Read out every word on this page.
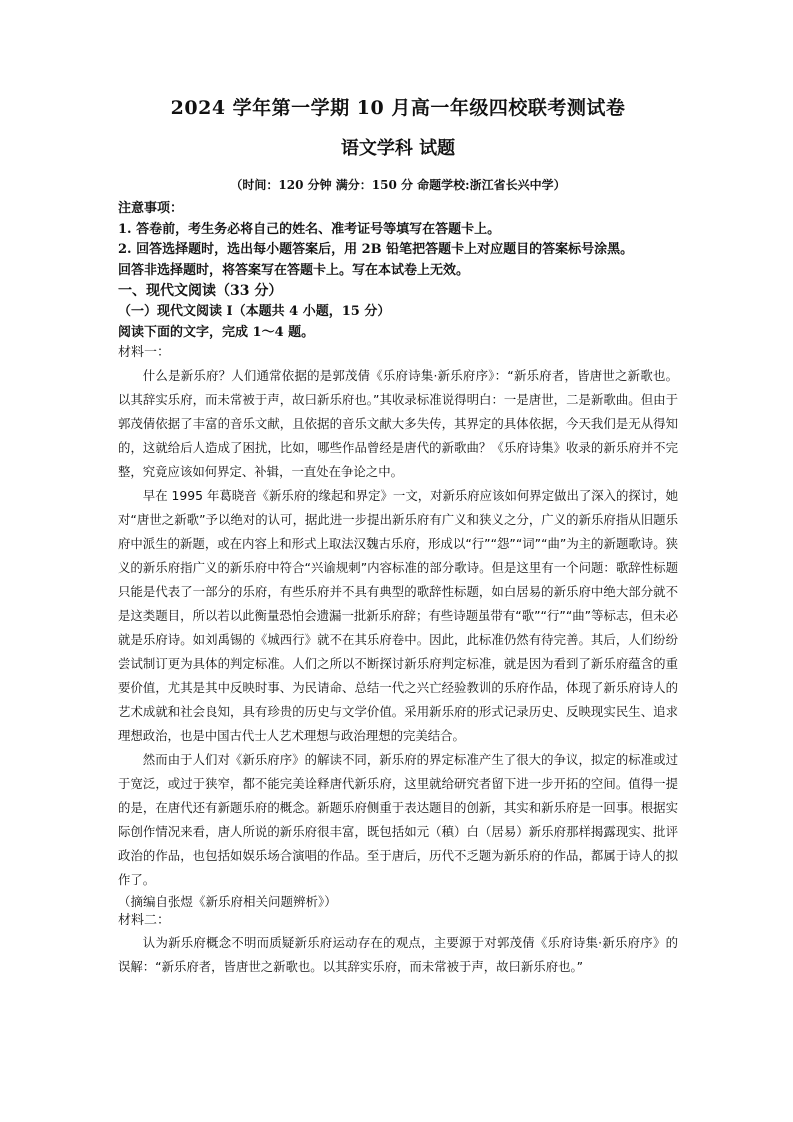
2024 学年第一学期 10 月高一年级四校联考测试卷
语文学科 试题
（时间：120 分钟 满分：150 分 命题学校:浙江省长兴中学）
注意事项：
1. 答卷前，考生务必将自己的姓名、准考证号等填写在答题卡上。
2. 回答选择题时，选出每小题答案后，用 2B 铅笔把答题卡上对应题目的答案标号涂黑。
回答非选择题时，将答案写在答题卡上。写在本试卷上无效。
一、现代文阅读（33 分）
（一）现代文阅读 I（本题共 4 小题，15 分）
阅读下面的文字，完成 1～4 题。
材料一：

什么是新乐府？人们通常依据的是郭茂倩《乐府诗集·新乐府序》：“新乐府者，皆唐世之新歌也。以其辞实乐府，而未常被于声，故曰新乐府也。”其收录标准说得明白：一是唐世，二是新歌曲。但由于郭茂倩依据了丰富的音乐文献，且依据的音乐文献大多失传，其界定的具体依据，今天我们是无从得知的，这就给后人造成了困扰，比如，哪些作品曾经是唐代的新歌曲？《乐府诗集》收录的新乐府并不完整，究竟应该如何界定、补辑，一直处在争论之中。

早在 1995 年葛晓音《新乐府的缘起和界定》一文，对新乐府应该如何界定做出了深入的探讨，她对“唐世之新歌”予以绝对的认可，据此进一步提出新乐府有广义和狭义之分，广义的新乐府指从旧题乐府中派生的新题，或在内容上和形式上取法汉魏古乐府，形成以“行”“怨”“词”“曲”为主的新题歌诗。狭义的新乐府指广义的新乐府中符合“兴谕规刺”内容标准的部分歌诗。但是这里有一个问题：歌辞性标题只能是代表了一部分的乐府，有些乐府并不具有典型的歌辞性标题，如白居易的新乐府中绝大部分就不是这类题目，所以若以此衡量恐怕会遗漏一批新乐府辞；有些诗题虽带有“歌”“行”“曲”等标志，但未必就是乐府诗。如刘禹锡的《城西行》就不在其乐府卷中。因此，此标准仍然有待完善。其后，人们纷纷尝试制订更为具体的判定标准。人们之所以不断探讨新乐府判定标准，就是因为看到了新乐府蕴含的重要价值，尤其是其中反映时事、为民请命、总结一代之兴亡经验教训的乐府作品，体现了新乐府诗人的艺术成就和社会良知，具有珍贵的历史与文学价值。采用新乐府的形式记录历史、反映现实民生、追求理想政治，也是中国古代士人艺术理想与政治理想的完美结合。

然而由于人们对《新乐府序》的解读不同，新乐府的界定标准产生了很大的争议，拟定的标准或过于宽泛，或过于狭窄，都不能完美诠释唐代新乐府，这里就给研究者留下进一步开拓的空间。值得一提的是，在唐代还有新题乐府的概念。新题乐府侧重于表达题目的创新，其实和新乐府是一回事。根据实际创作情况来看，唐人所说的新乐府很丰富，既包括如元（稹）白（居易）新乐府那样揭露现实、批评政治的作品，也包括如娱乐场合演唱的作品。至于唐后，历代不乏题为新乐府的作品，都属于诗人的拟作了。

（摘编自张煜《新乐府相关问题辨析》）
材料二：

认为新乐府概念不明而质疑新乐府运动存在的观点，主要源于对郭茂倩《乐府诗集·新乐府序》的误解：“新乐府者，皆唐世之新歌也。以其辞实乐府，而未常被于声，故曰新乐府也。”
